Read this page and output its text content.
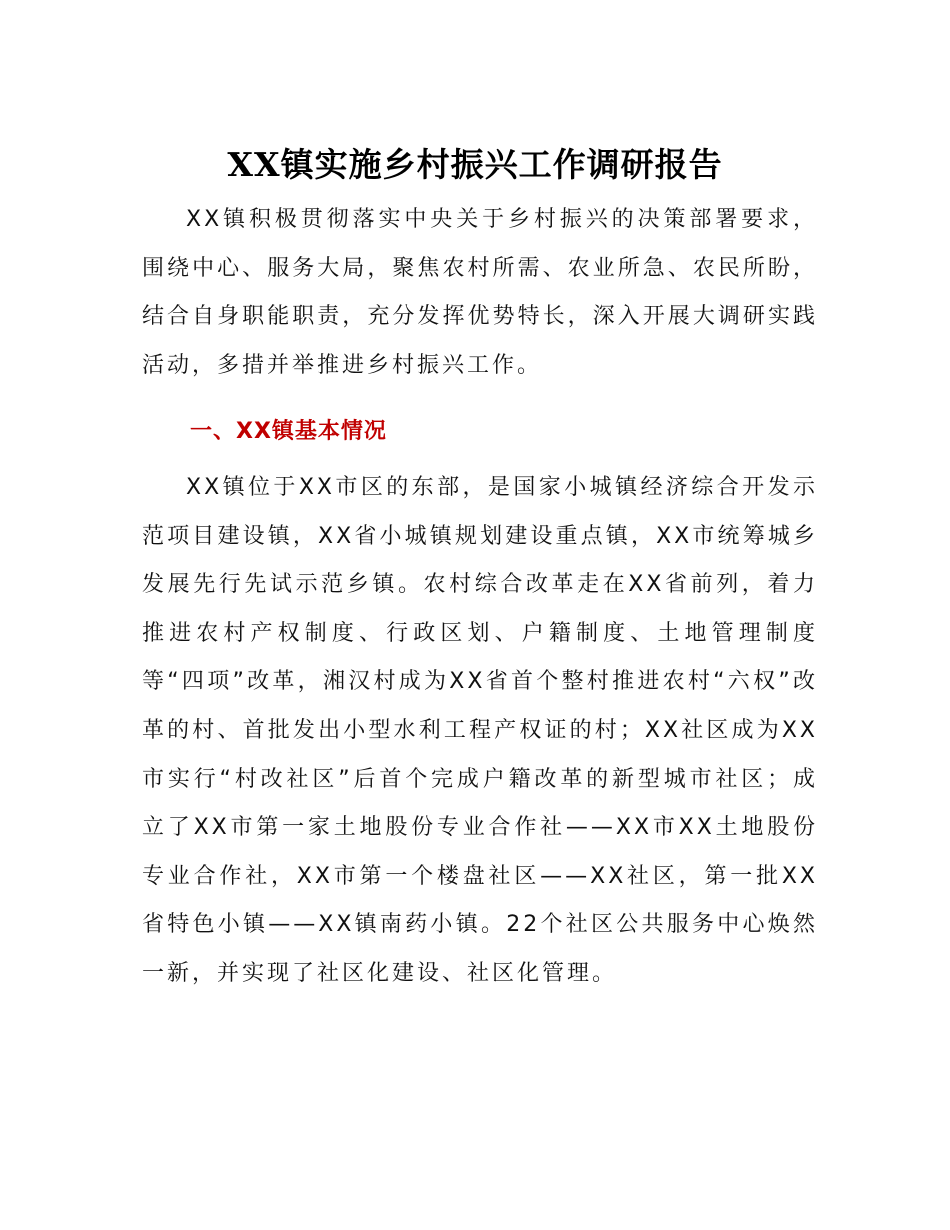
XX镇实施乡村振兴工作调研报告

XX镇积极贯彻落实中央关于乡村振兴的决策部署要求，围绕中心、服务大局，聚焦农村所需、农业所急、农民所盼，结合自身职能职责，充分发挥优势特长，深入开展大调研实践活动，多措并举推进乡村振兴工作。

一、XX镇基本情况

XX镇位于XX市区的东部，是国家小城镇经济综合开发示范项目建设镇，XX省小城镇规划建设重点镇，XX市统筹城乡发展先行先试示范乡镇。农村综合改革走在XX省前列，着力推进农村产权制度、行政区划、户籍制度、土地管理制度等“四项”改革，湘汉村成为XX省首个整村推进农村“六权”改革的村、首批发出小型水利工程产权证的村；XX社区成为XX市实行“村改社区”后首个完成户籍改革的新型城市社区；成立了XX市第一家土地股份专业合作社——XX市XX土地股份专业合作社，XX市第一个楼盘社区——XX社区，第一批XX省特色小镇——XX镇南药小镇。22个社区公共服务中心焕然一新，并实现了社区化建设、社区化管理。
